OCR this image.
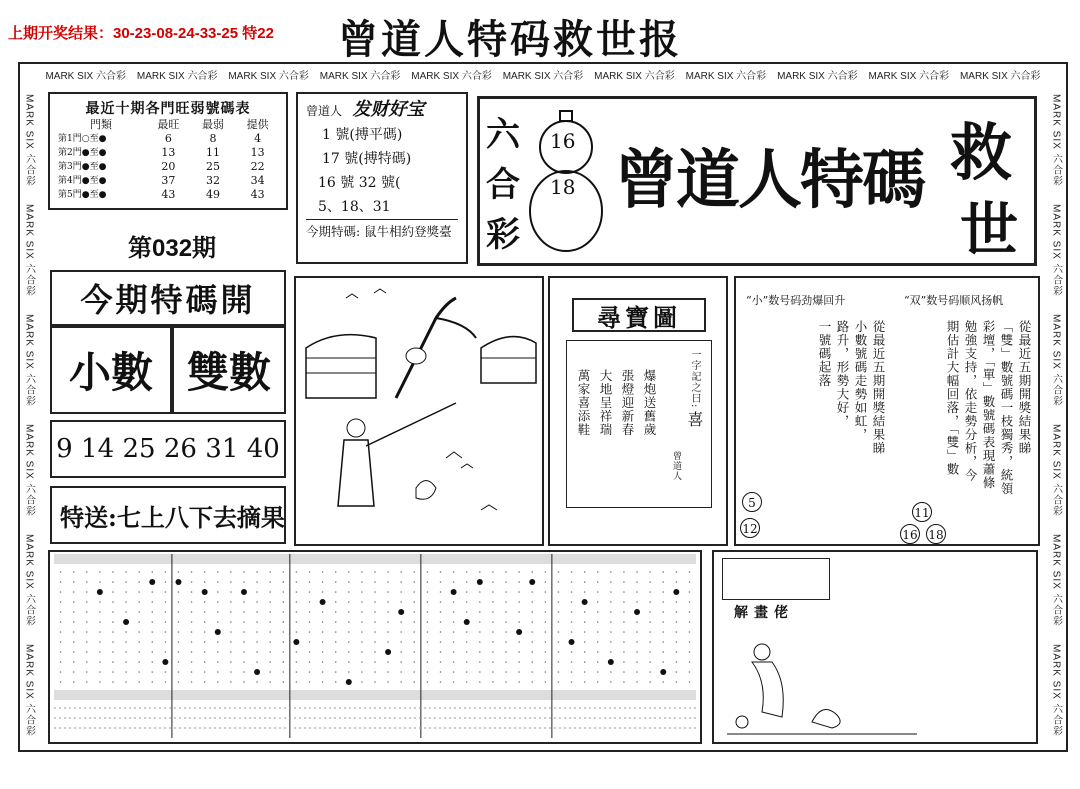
上期开奖结果：30-23-08-24-33-25 特22 曾道人特码救世报
MARK SIX 六合彩 MARK SIX 六合彩 MARK SIX 六合彩 MARK SIX 六合彩 MARK SIX 六合彩 MARK SIX 六合彩 MARK SIX 六合彩 MARK SIX 六合彩 MARK SIX 六合彩 MARK SIX 六合彩 MARK SIX 六合彩
MARK SIX 六合彩
MARK SIX 六合彩
MARK SIX 六合彩
MARK SIX 六合彩
MARK SIX 六合彩
MARK SIX 六合彩
MARK SIX 六合彩
MARK SIX 六合彩
MARK SIX 六合彩
MARK SIX 六合彩
MARK SIX 六合彩
MARK SIX 六合彩
最近十期各門旺弱號碼表
門類	最旺	最弱	提供
第1門○至●	6	8	4
第2門●至●	13	11	13
第3門●至●	20	25	22
第4門●至●	37	32	34
第5門●至●	43	49	43
第032期
曾道人 发财好宝
1 號(搏平碼)
17 號(搏特碼)
16 號 32 號(
5、18、31
今期特碼: 鼠牛相約登獎臺
六
合
彩
16
18 曾道人特碼 救
世
今期特碼開
小數 雙數
9 14 25 26 31 40
特送:七上八下去摘果
尋寶圖
一字記之曰:
喜
萬家喜添鞋 大地呈祥瑞 張燈迎新春 爆炮送舊歲
曾道人
“小”数号码劲爆回升	“双”数号码顺风扬帆
從最近五期開獎結果睇
小數號碼走勢如虹，
路升，形勢大好，
一號碼起落	從最近五期開獎結果睇
「雙」數號碼一枝獨秀，統領
彩壇，「單」數號碼表現蕭條
勉強支持，依走勢分析，今
期估計大幅回落，「雙」數
5
12
11
16 18
解畫佬
